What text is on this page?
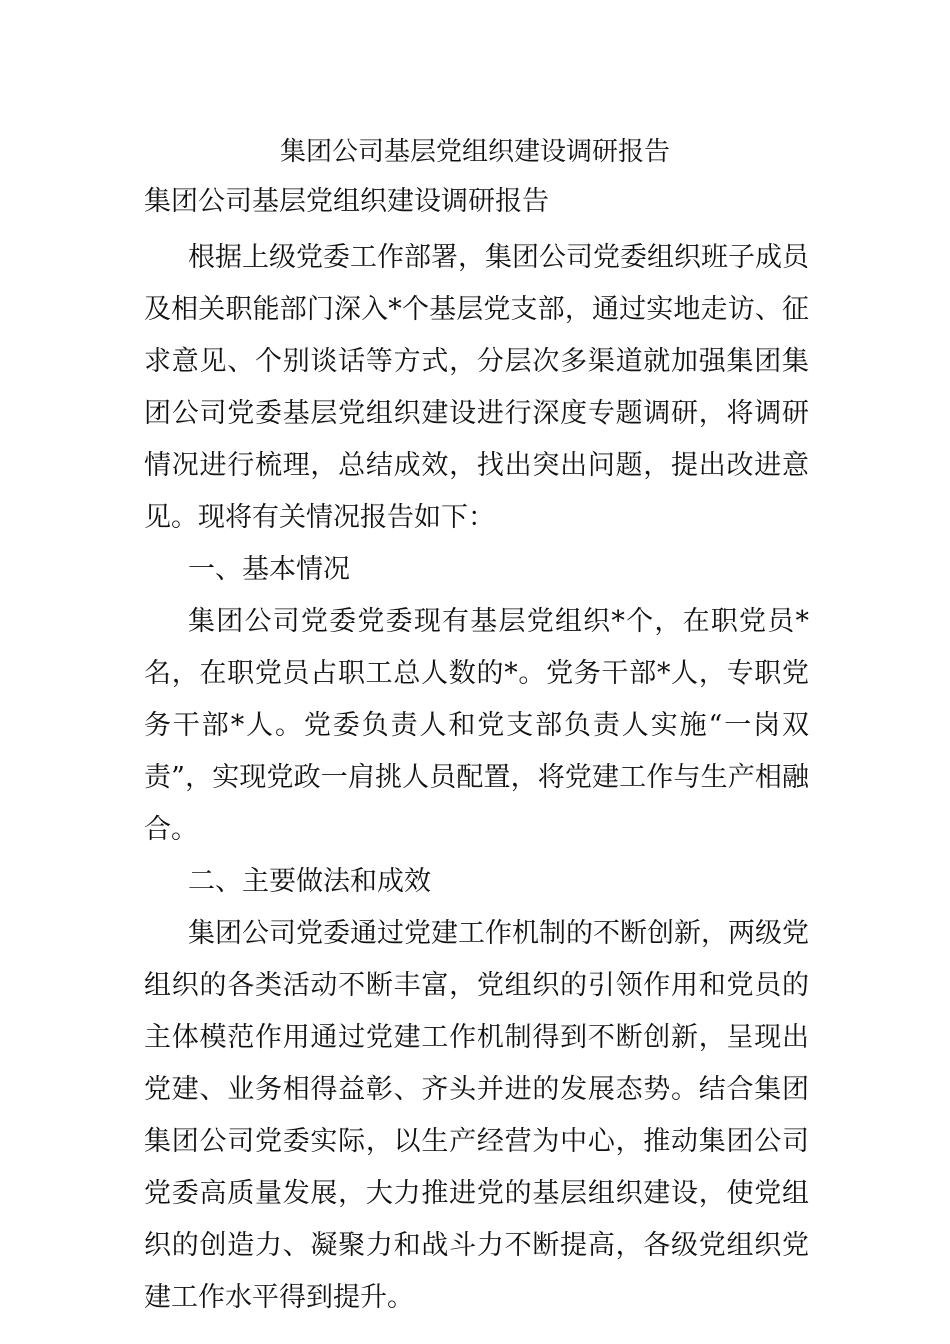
集团公司基层党组织建设调研报告

集团公司基层党组织建设调研报告

根据上级党委工作部署，集团公司党委组织班子成员及相关职能部门深入*个基层党支部，通过实地走访、征求意见、个别谈话等方式，分层次多渠道就加强集团集团公司党委基层党组织建设进行深度专题调研，将调研情况进行梳理，总结成效，找出突出问题，提出改进意见。现将有关情况报告如下：

一、基本情况

集团公司党委党委现有基层党组织*个，在职党员*名，在职党员占职工总人数的*。党务干部*人，专职党务干部*人。党委负责人和党支部负责人实施“一岗双责”，实现党政一肩挑人员配置，将党建工作与生产相融合。

二、主要做法和成效

集团公司党委通过党建工作机制的不断创新，两级党组织的各类活动不断丰富，党组织的引领作用和党员的主体模范作用通过党建工作机制得到不断创新，呈现出党建、业务相得益彰、齐头并进的发展态势。结合集团集团公司党委实际，以生产经营为中心，推动集团公司党委高质量发展，大力推进党的基层组织建设，使党组织的创造力、凝聚力和战斗力不断提高，各级党组织党建工作水平得到提升。
